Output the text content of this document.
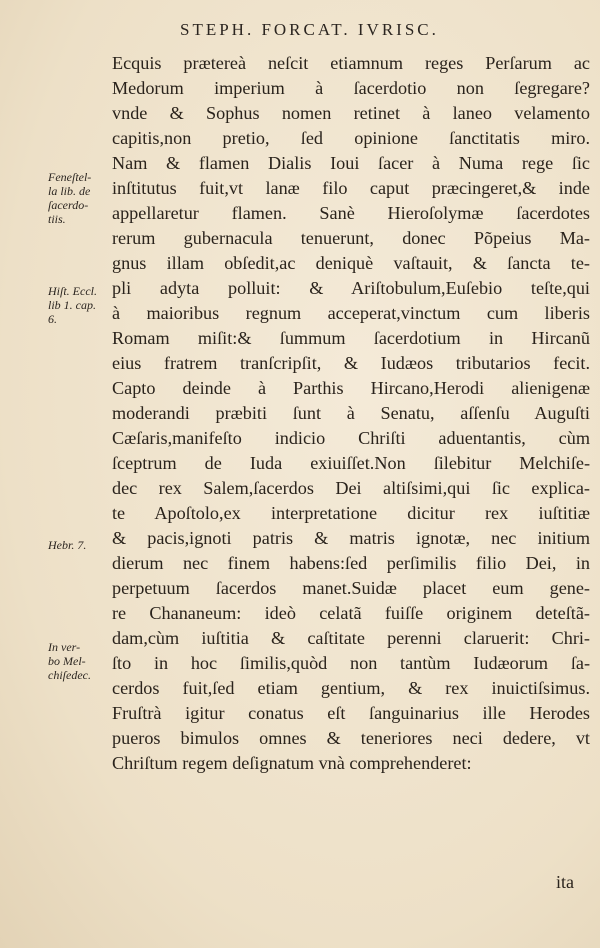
STEPH. FORCAT. IVRISC.
Ecquis prætereà neſcit etiamnum reges Perſarum ac
Medorum imperium à ſacerdotio non ſegregare?
vnde & Sophus nomen retinet à laneo velamento
capitis,non pretio, ſed opinione ſanctitatis miro.
Nam & flamen Dialis Ioui ſacer à Numa rege ſic
inſtitutus fuit,vt lanæ filo caput præcingeret,& inde
appellaretur flamen. Sanè Hieroſolymæ ſacerdotes
rerum gubernacula tenuerunt, donec Põpeius Ma-
gnus illam obſedit,ac deniquè vaſtauit, & ſancta te-
pli adyta polluit: & Ariſtobulum,Euſebio teſte,qui
à maioribus regnum acceperat,vinctum cum liberis
Romam miſit:& ſummum ſacerdotium in Hircanũ
eius fratrem tranſcripſit, & Iudæos tributarios fecit.
Capto deinde à Parthis Hircano,Herodi alienigenæ
moderandi præbiti ſunt à Senatu, aſſenſu Auguſti
Cæſaris,manifeſto indicio Chriſti aduentantis, cùm
ſceptrum de Iuda exiuiſſet.Non ſilebitur Melchiſe-
dec rex Salem,ſacerdos Dei altiſsimi,qui ſic explica-
te Apoſtolo,ex interpretatione dicitur rex iuſtitiæ
& pacis,ignoti patris & matris ignotæ, nec initium
dierum nec finem habens:ſed perſimilis filio Dei, in
perpetuum ſacerdos manet.Suidæ placet eum gene-
re Chananeum: ideò celatã fuiſſe originem deteſtã-
dam,cùm iuſtitia & caſtitate perenni claruerit: Chri-
ſto in hoc ſimilis,quòd non tantùm Iudæorum ſa-
cerdos fuit,ſed etiam gentium, & rex inuictiſsimus.
Fruſtrà igitur conatus eſt ſanguinarius ille Herodes
pueros bimulos omnes & teneriores neci dedere, vt
Chriſtum regem deſignatum vnà comprehenderet:
Feneſtel-
la lib. de
ſacerdo-
tiis.
Hiſt. Eccl.
lib 1. cap.
6.
Hebr. 7.
In ver-
bo Mel-
chiſedec.
ita
